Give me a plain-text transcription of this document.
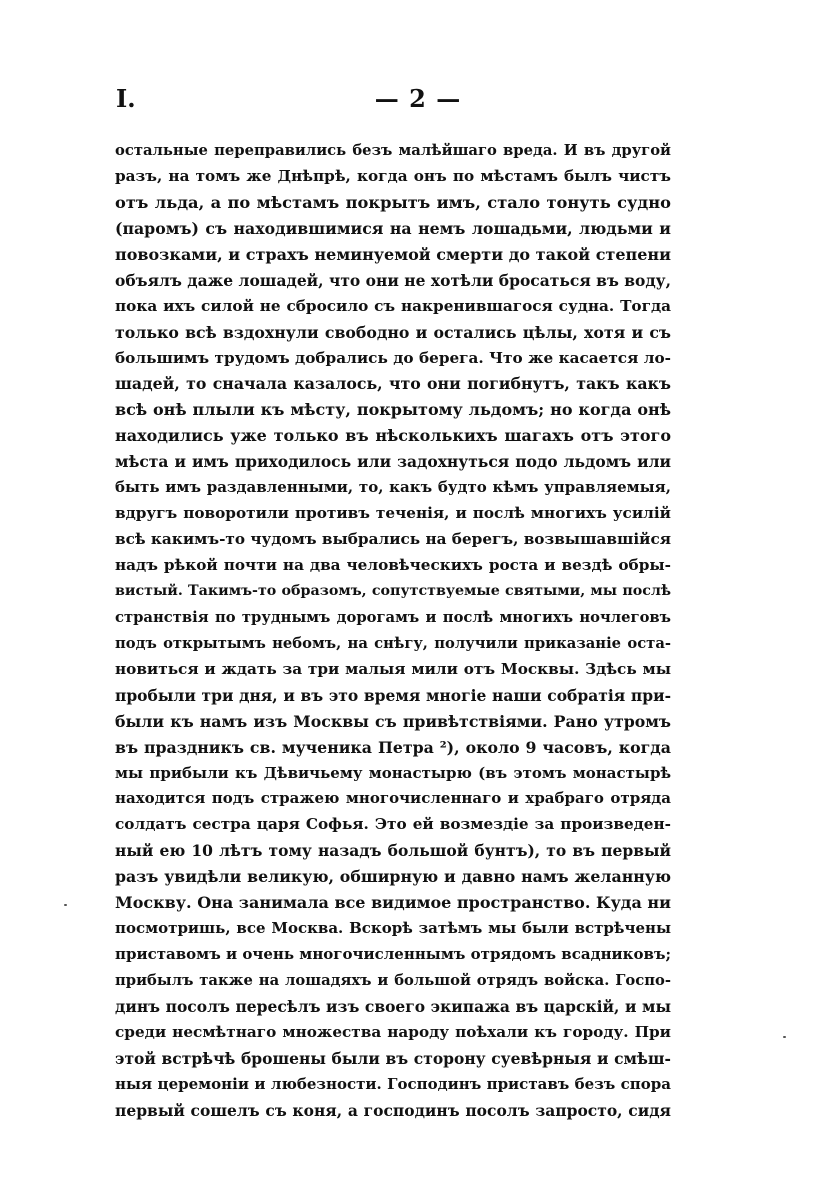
I.	— 2 —
остальные переправились безъ малѣйшаго вреда. И въ другой
разъ, на томъ же Днѣпрѣ, когда онъ по мѣстамъ былъ чистъ
отъ льда, а по мѣстамъ покрытъ имъ, стало тонуть судно
(паромъ) съ находившимися на немъ лошадьми, людьми и
повозками, и страхъ неминуемой смерти до такой степени
объялъ даже лошадей, что они не хотѣли бросаться въ воду,
пока ихъ силой не сбросило съ накренившагося судна. Тогда
только всѣ вздохнули свободно и остались цѣлы, хотя и съ
большимъ трудомъ добрались до берега. Что же касается ло-
шадей, то сначала казалось, что они погибнутъ, такъ какъ
всѣ онѣ плыли къ мѣсту, покрытому льдомъ; но когда онѣ
находились уже только въ нѣсколькихъ шагахъ отъ этого
мѣста и имъ приходилось или задохнуться подо льдомъ или
быть имъ раздавленными, то, какъ будто кѣмъ управляемыя,
вдругъ поворотили противъ теченія, и послѣ многихъ усилій
всѣ какимъ-то чудомъ выбрались на берегъ, возвышавшійся
надъ рѣкой почти на два человѣческихъ роста и вездѣ обры-
вистый. Такимъ-то образомъ, сопутствуемые святыми, мы послѣ
странствія по труднымъ дорогамъ и послѣ многихъ ночлеговъ
подъ открытымъ небомъ, на снѣгу, получили приказаніе оста-
новиться и ждать за три малыя мили отъ Москвы. Здѣсь мы
пробыли три дня, и въ это время многіе наши собратія при-
были къ намъ изъ Москвы съ привѣтствіями. Рано утромъ
въ праздникъ св. мученика Петра ²), около 9 часовъ, когда
мы прибыли къ Дѣвичьему монастырю (въ этомъ монастырѣ
находится подъ стражею многочисленнаго и храбраго отряда
солдатъ сестра царя Софья. Это ей возмездіе за произведен-
ный ею 10 лѣтъ тому назадъ большой бунтъ), то въ первый
разъ увидѣли великую, обширную и давно намъ желанную
Москву. Она занимала все видимое пространство. Куда ни
посмотришь, все Москва. Вскорѣ затѣмъ мы были встрѣчены
приставомъ и очень многочисленнымъ отрядомъ всадниковъ;
прибылъ также на лошадяхъ и большой отрядъ войска. Госпо-
динъ посолъ пересѣлъ изъ своего экипажа въ царскій, и мы
среди несмѣтнаго множества народу поѣхали къ городу. При
этой встрѣчѣ брошены были въ сторону суевѣрныя и смѣш-
ныя церемоніи и любезности. Господинъ приставъ безъ спора
первый сошелъ съ коня, а господинъ посолъ запросто, сидя
